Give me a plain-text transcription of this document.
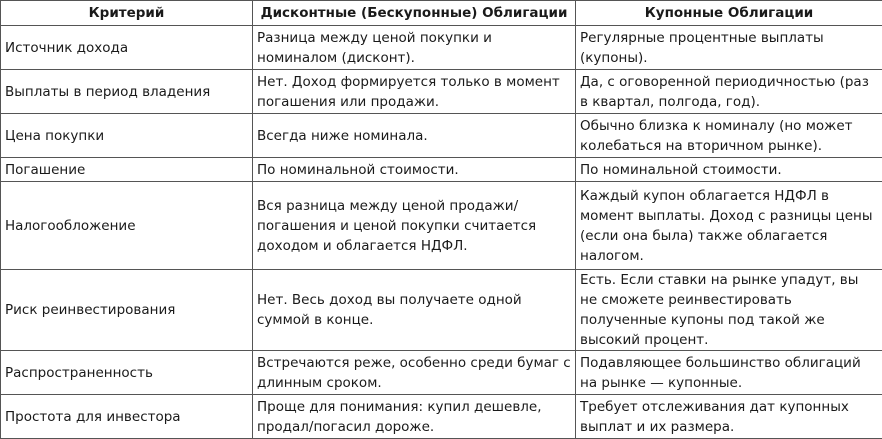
Критерий	Дисконтные (Бескупонные) Облигации	Купонные Облигации
Источник дохода	Разница между ценой покупки и номиналом (дисконт).	Регулярные процентные выплаты (купоны).
Выплаты в период владения	Нет. Доход формируется только в момент погашения или продажи.	Да, с оговоренной периодичностью (раз в квартал, полгода, год).
Цена покупки	Всегда ниже номинала.	Обычно близка к номиналу (но может колебаться на вторичном рынке).
Погашение	По номинальной стоимости.	По номинальной стоимости.
Налогообложение	Вся разница между ценой продажи/погашения и ценой покупки считается доходом и облагается НДФЛ.	Каждый купон облагается НДФЛ в момент выплаты. Доход с разницы цены (если она была) также облагается налогом.
Риск реинвестирования	Нет. Весь доход вы получаете одной суммой в конце.	Есть. Если ставки на рынке упадут, вы не сможете реинвестировать полученные купоны под такой же высокий процент.
Распространенность	Встречаются реже, особенно среди бумаг с длинным сроком.	Подавляющее большинство облигаций на рынке — купонные.
Простота для инвестора	Проще для понимания: купил дешевле, продал/погасил дороже.	Требует отслеживания дат купонных выплат и их размера.
